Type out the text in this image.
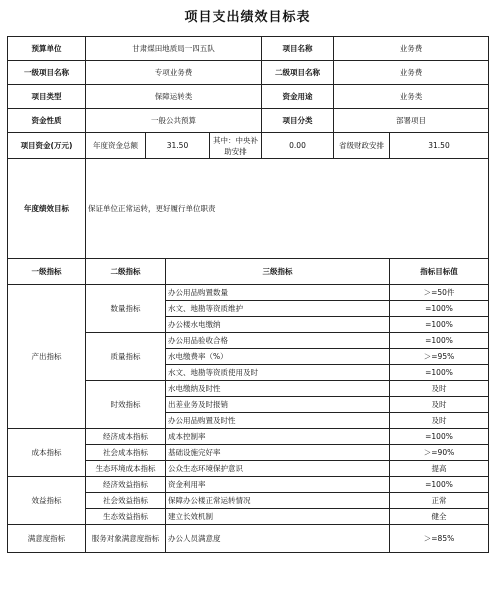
项目支出绩效目标表
预算单位	甘肃煤田地质局一四五队				项目名称	业务费	
一级项目名称	专项业务费				二级项目名称	业务费	
项目类型	保障运转类				资金用途	业务类	
资金性质	一般公共预算				项目分类	部署项目	
项目资金(万元)	年度资金总额	31.50		其中：中央补助安排	0.00	省级财政安排	31.50
年度绩效目标	保证单位正常运转，更好履行单位职责						
一级指标	二级指标		三级指标				指标目标值
产出指标	数量指标		办公用品购置数量				＞=50件
			水文、地勘等资质维护				=100%
			办公楼水电缴纳				=100%
	质量指标		办公用品验收合格				=100%
			水电缴费率（%）				＞=95%
			水文、地勘等资质使用及时				=100%
	时效指标		水电缴纳及时性				及时
			出差业务及时报销				及时
			办公用品购置及时性				及时
成本指标	经济成本指标		成本控制率				=100%
	社会成本指标		基础设施完好率				＞=90%
	生态环境成本指标		公众生态环境保护意识				提高
效益指标	经济效益指标		资金利用率				=100%
	社会效益指标		保障办公楼正常运转情况				正常
	生态效益指标		建立长效机制				健全
满意度指标	服务对象满意度指标		办公人员满意度				＞=85%
